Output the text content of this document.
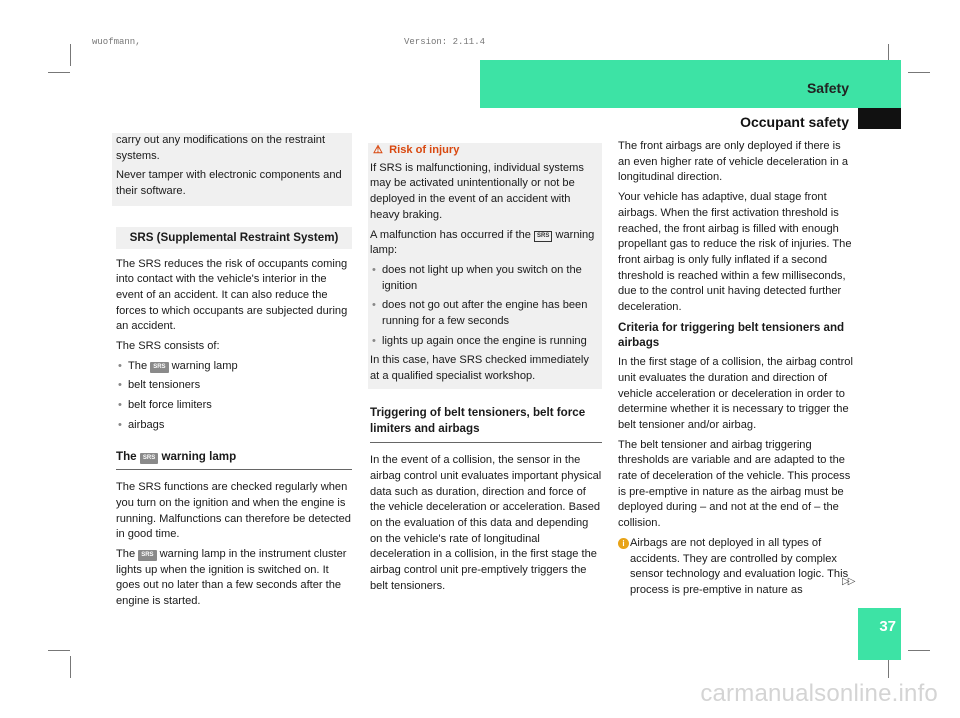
wuofmann,	Version: 2.11.4
Safety
Occupant safety

carry out any modifications on the restraint systems.

Never tamper with electronic components and their software.

SRS (Supplemental Restraint System)

The SRS reduces the risk of occupants coming into contact with the vehicle's interior in the event of an accident. It can also reduce the forces to which occupants are subjected during an accident.

The SRS consists of:

• The SRS warning lamp
• belt tensioners
• belt force limiters
• airbags
The SRS warning lamp

The SRS functions are checked regularly when you turn on the ignition and when the engine is running. Malfunctions can therefore be detected in good time.

The SRS warning lamp in the instrument cluster lights up when the ignition is switched on. It goes out no later than a few seconds after the engine is started.

⚠ Risk of injury

If SRS is malfunctioning, individual systems may be activated unintentionally or not be deployed in the event of an accident with heavy braking.

A malfunction has occurred if the SRS warning lamp:

• does not light up when you switch on the ignition
• does not go out after the engine has been running for a few seconds
• lights up again once the engine is running

In this case, have SRS checked immediately at a qualified specialist workshop.

Triggering of belt tensioners, belt force limiters and airbags

In the event of a collision, the sensor in the airbag control unit evaluates important physical data such as duration, direction and force of the vehicle deceleration or acceleration. Based on the evaluation of this data and depending on the vehicle's rate of longitudinal deceleration in a collision, in the first stage the airbag control unit pre-emptively triggers the belt tensioners.

The front airbags are only deployed if there is an even higher rate of vehicle deceleration in a longitudinal direction.

Your vehicle has adaptive, dual stage front airbags. When the first activation threshold is reached, the front airbag is filled with enough propellant gas to reduce the risk of injuries. The front airbag is only fully inflated if a second threshold is reached within a few milliseconds, due to the control unit having detected further deceleration.

Criteria for triggering belt tensioners and airbags

In the first stage of a collision, the airbag control unit evaluates the duration and direction of vehicle acceleration or deceleration in order to determine whether it is necessary to trigger the belt tensioner and/or airbag.

The belt tensioner and airbag triggering thresholds are variable and are adapted to the rate of deceleration of the vehicle. This process is pre-emptive in nature as the airbag must be deployed during – and not at the end of – the collision.

i Airbags are not deployed in all types of accidents. They are controlled by complex sensor technology and evaluation logic. This process is pre-emptive in nature as
▷▷
37
carmanualsonline.info
